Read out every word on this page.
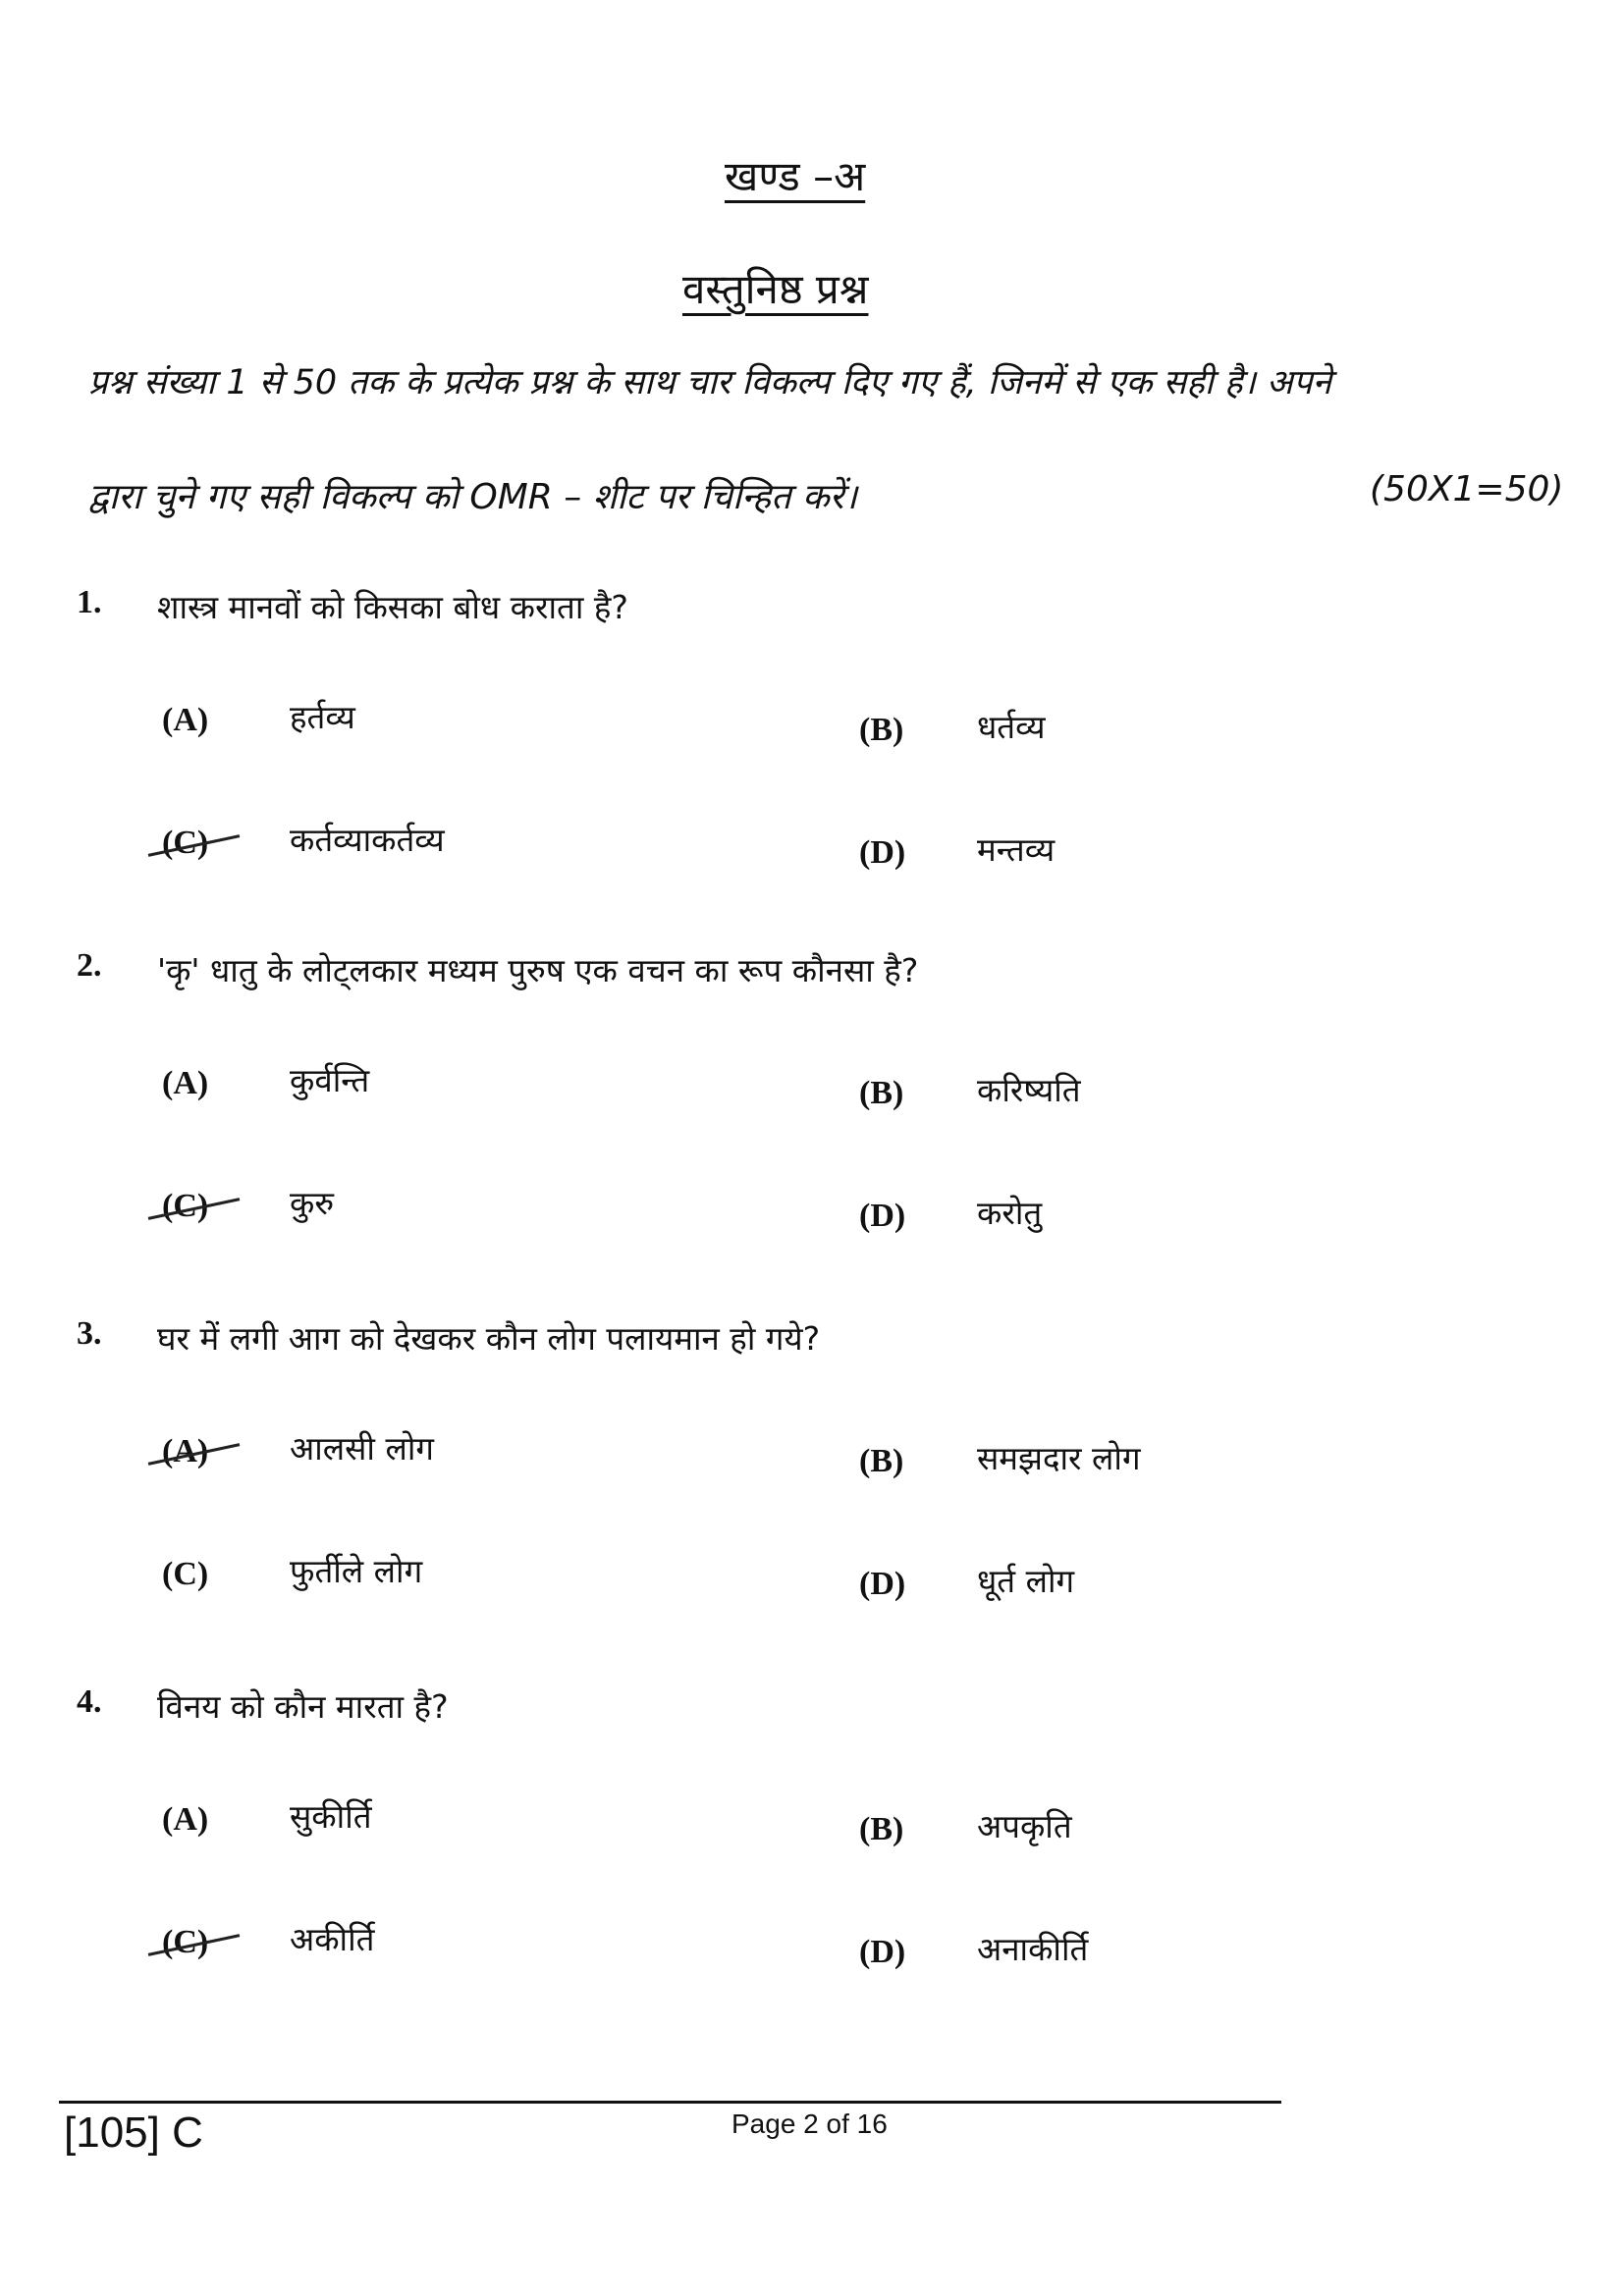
खण्ड –अ
वस्तुनिष्ठ प्रश्न
प्रश्न संख्या 1 से 50 तक के प्रत्येक प्रश्न के साथ चार विकल्प दिए गए हैं, जिनमें से एक सही है। अपने
द्वारा चुने गए सही विकल्प को OMR – शीट पर चिन्हित करें।	(50X1=50)
1. शास्त्र मानवों को किसका बोध कराता है?
(A)	हर्तव्य	(B) धर्तव्य
(C)	कर्तव्याकर्तव्य	(D) मन्तव्य
2. 'कृ' धातु के लोट्लकार मध्यम पुरुष एक वचन का रूप कौनसा है?
(A)	कुर्वन्ति	(B) करिष्यति
(C)	कुरु	(D) करोतु
3. घर में लगी आग को देखकर कौन लोग पलायमान हो गये?
(A)	आलसी लोग	(B) समझदार लोग
(C)	फुर्तीले लोग	(D) धूर्त लोग
4. विनय को कौन मारता है?
(A)	सुकीर्ति	(B) अपकृति
(C)	अकीर्ति	(D) अनाकीर्ति
[105] C	Page 2 of 16
